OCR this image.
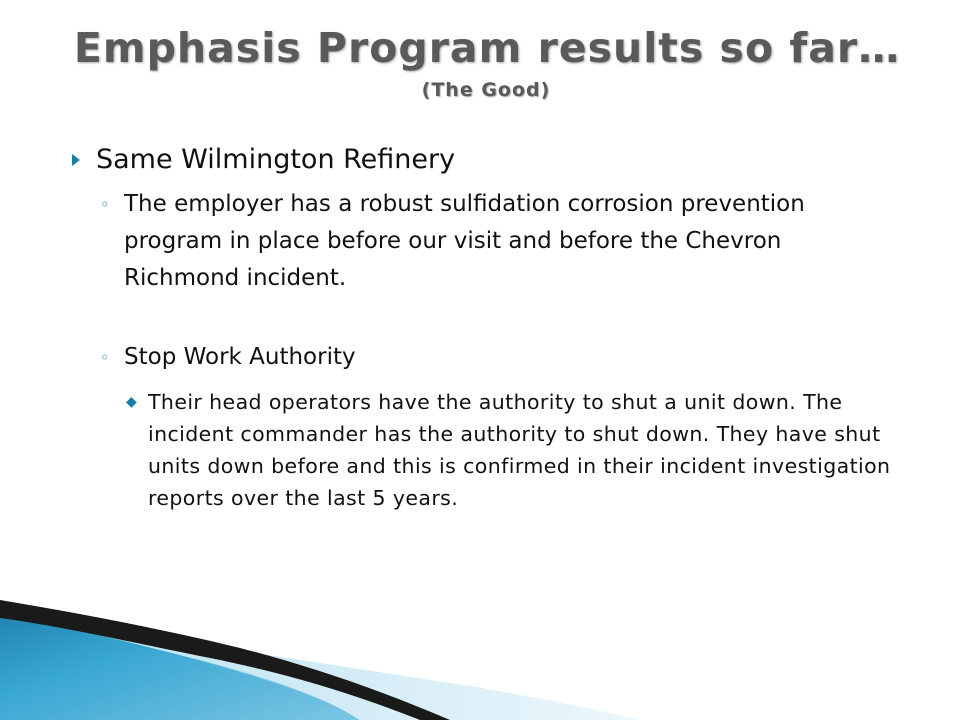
Emphasis Program results so far…
(The Good)
Same Wilmington Refinery
◦ The employer has a robust sulfidation corrosion prevention program in place before our visit and before the Chevron Richmond incident.
◦ Stop Work Authority
◆ Their head operators have the authority to shut a unit down. The incident commander has the authority to shut down. They have shut units down before and this is confirmed in their incident investigation reports over the last 5 years.
